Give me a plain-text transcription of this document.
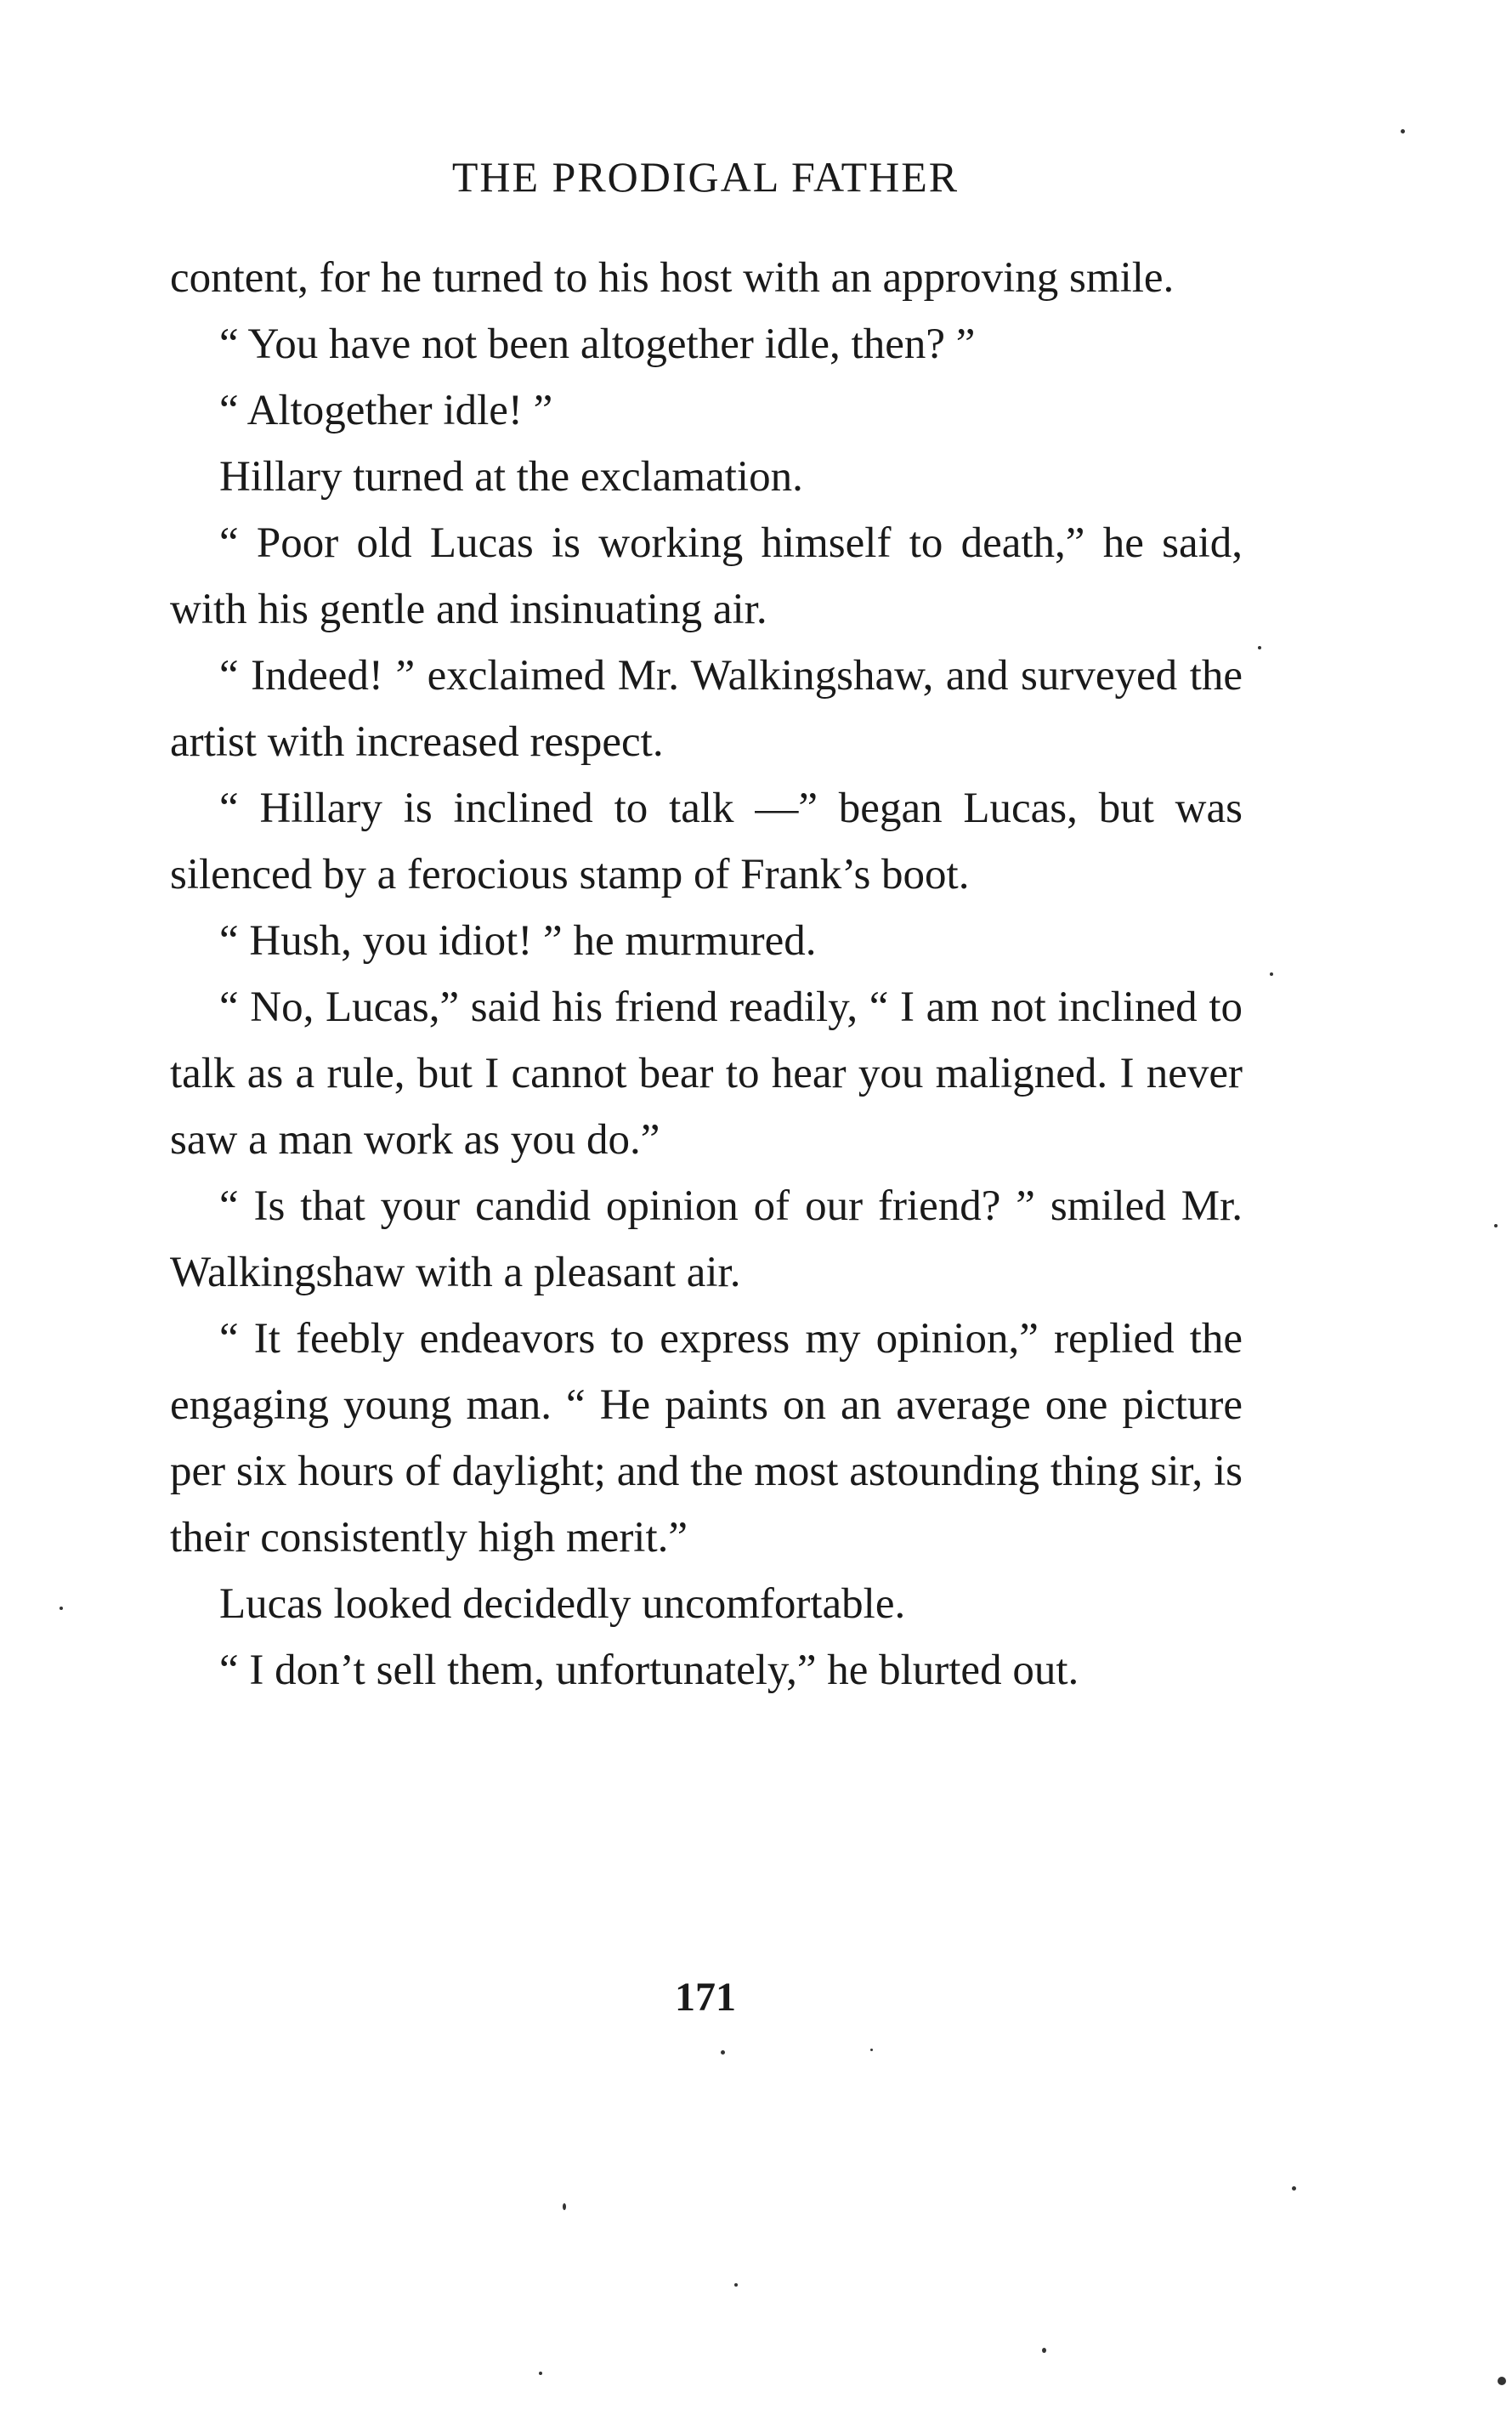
THE PRODIGAL FATHER

content, for he turned to his host with an approving smile.

“ You have not been altogether idle, then? ”

“ Altogether idle! ”

Hillary turned at the exclamation.

“ Poor old Lucas is working himself to death,” he said, with his gentle and insinuating air.

“ Indeed! ” exclaimed Mr. Walkingshaw, and surveyed the artist with increased respect.

“ Hillary is inclined to talk —” began Lucas, but was silenced by a ferocious stamp of Frank’s boot.

“ Hush, you idiot! ” he murmured.

“ No, Lucas,” said his friend readily, “ I am not inclined to talk as a rule, but I cannot bear to hear you maligned. I never saw a man work as you do.”

“ Is that your candid opinion of our friend? ” smiled Mr. Walkingshaw with a pleasant air.

“ It feebly endeavors to express my opinion,” replied the engaging young man. “ He paints on an average one picture per six hours of daylight; and the most astounding thing sir, is their consistently high merit.”

Lucas looked decidedly uncomfortable.

“ I don’t sell them, unfortunately,” he blurted out.

171
